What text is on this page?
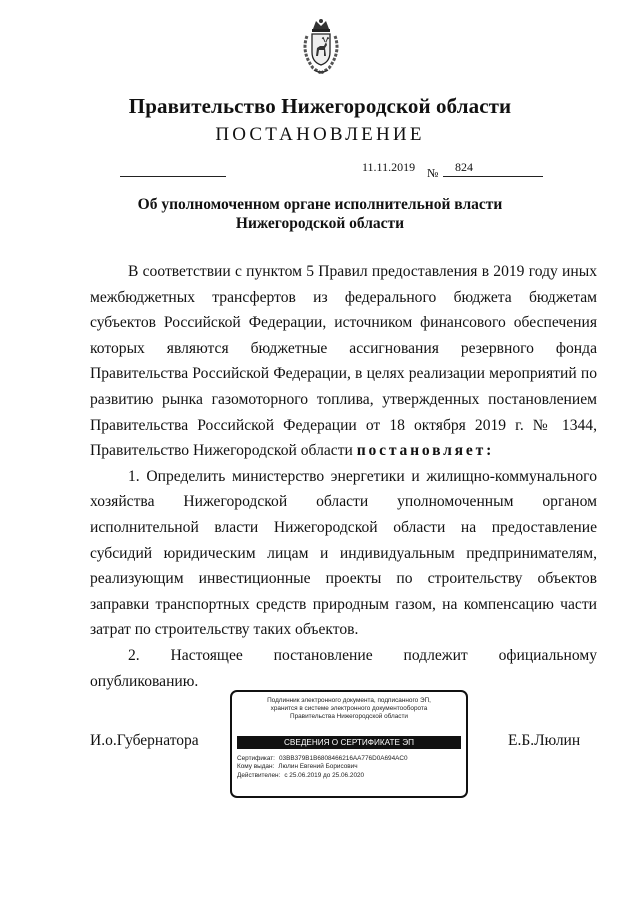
Правительство Нижегородской области
ПОСТАНОВЛЕНИЕ
11.11.2019 № 824
Об уполномоченном органе исполнительной власти
Нижегородской области

В соответствии с пунктом 5 Правил предоставления в 2019 году иных межбюджетных трансфертов из федерального бюджета бюджетам субъектов Российской Федерации, источником финансового обеспечения которых являются бюджетные ассигнования резервного фонда Правительства Российской Федерации, в целях реализации мероприятий по развитию рынка газомоторного топлива, утвержденных постановлением Правительства Российской Федерации от 18 октября 2019 г. № 1344, Правительство Нижегородской области постановляет:

1. Определить министерство энергетики и жилищно-коммунального хозяйства Нижегородской области уполномоченным органом исполнительной власти Нижегородской области на предоставление субсидий юридическим лицам и индивидуальным предпринимателям, реализующим инвестиционные проекты по строительству объектов заправки транспортных средств природным газом, на компенсацию части затрат по строительству таких объектов.

2. Настоящее постановление подлежит официальному опубликованию.

И.о.Губернатора	Е.Б.Люлин
Подлинник электронного документа, подписанного ЭП,
хранится в системе электронного документооборота
Правительства Нижегородской области
СВЕДЕНИЯ О СЕРТИФИКАТЕ ЭП
Сертификат: 03BB379B1B6808466216AA776D0A694AC0
Кому выдан: Люлин Евгений Борисович
Действителен: с 25.06.2019 до 25.06.2020
